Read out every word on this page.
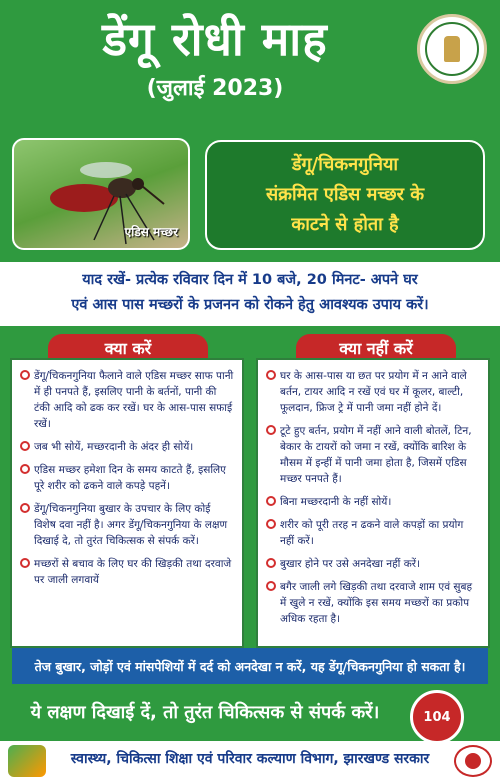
डेंगू रोधी माह
(जुलाई 2023)
एडिस मच्छर
डेंगू/चिकनगुनिया
संक्रमित एडिस मच्छर के
काटने से होता है
याद रखें- प्रत्येक रविवार दिन में 10 बजे, 20 मिनट- अपने घर
एवं आस पास मच्छरों के प्रजनन को रोकने हेतु आवश्यक उपाय करें।
क्या करें	क्या नहीं करें
डेंगू/चिकनगुनिया फैलाने वाले एडिस मच्छर साफ पानी में ही पनपते हैं, इसलिए पानी के बर्तनों, पानी की टंकी आदि को ढक कर रखें। घर के आस-पास सफाई रखें।
जब भी सोयें, मच्छरदानी के अंदर ही सोयें।
एडिस मच्छर हमेशा दिन के समय काटते हैं, इसलिए पूरे शरीर को ढकने वाले कपड़े पहनें।
डेंगू/चिकनगुनिया बुखार के उपचार के लिए कोई विशेष दवा नहीं है। अगर डेंगू/चिकनगुनिया के लक्षण दिखाई दे, तो तुरंत चिकित्सक से संपर्क करें।
मच्छरों से बचाव के लिए घर की खिड़की तथा दरवाजे पर जाली लगवायें
घर के आस-पास या छत पर प्रयोग में न आने वाले बर्तन, टायर आदि न रखें एवं घर में कूलर, बाल्टी, फूलदान, फ्रिज ट्रे में पानी जमा नहीं होने दें।
टूटे हुए बर्तन, प्रयोग में नहीं आने वाली बोतलें, टिन, बेकार के टायरों को जमा न रखें, क्योंकि बारिश के मौसम में इन्हीं में पानी जमा होता है, जिसमें एडिस मच्छर पनपते हैं।
बिना मच्छरदानी के नहीं सोयें।
शरीर को पूरी तरह न ढकने वाले कपड़ों का प्रयोग नहीं करें।
बुखार होने पर उसे अनदेखा नहीं करें।
बगैर जाली लगे खिड़की तथा दरवाजे शाम एवं सुबह में खुले न रखें, क्योंकि इस समय मच्छरों का प्रकोप अधिक रहता है।
तेज बुखार, जोड़ों एवं मांसपेशियों में दर्द को अनदेखा न करें, यह डेंगू/चिकनगुनिया हो सकता है।
ये लक्षण दिखाई दें, तो तुरंत चिकित्सक से संपर्क करें।	104
स्वास्थ्य, चिकित्सा शिक्षा एवं परिवार कल्याण विभाग, झारखण्ड सरकार
